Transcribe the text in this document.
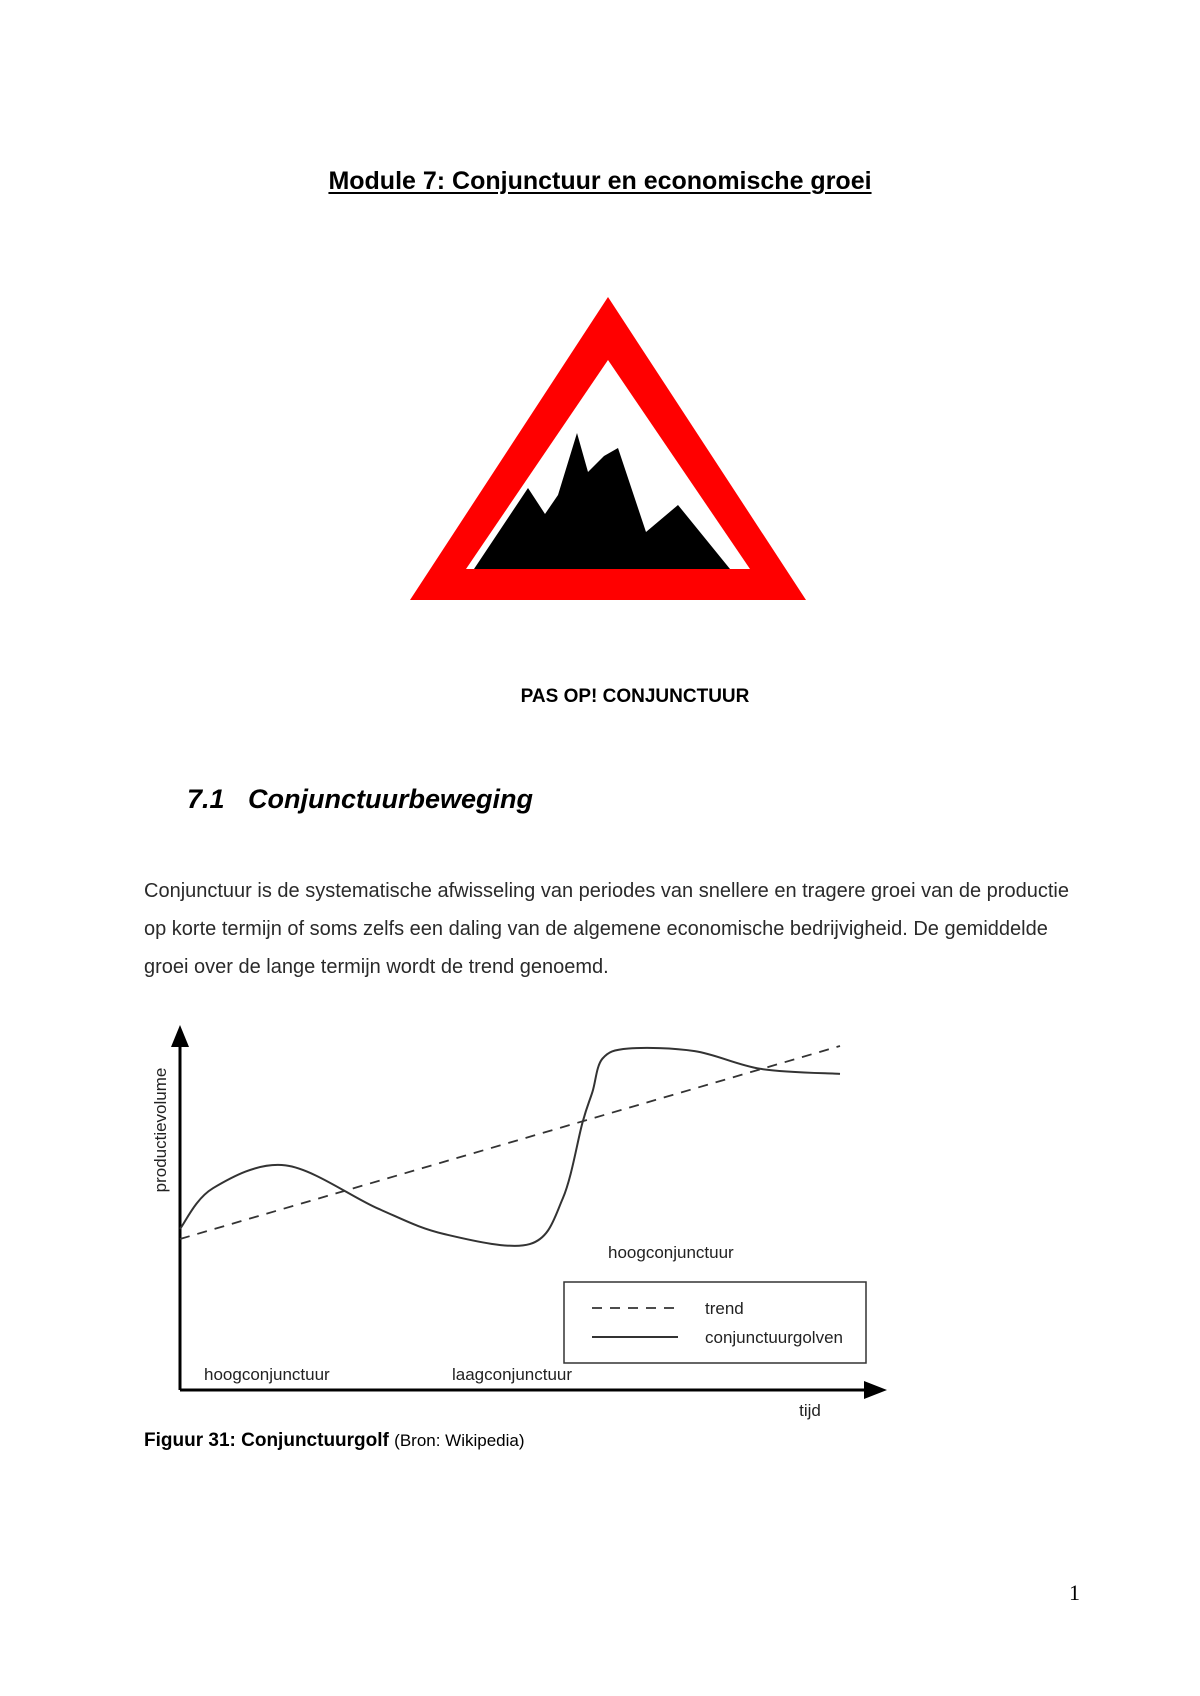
Module 7: Conjunctuur en economische groei
PAS OP! CONJUNCTUUR
7.1 Conjunctuurbeweging

Conjunctuur is de systematische afwisseling van periodes van snellere en tragere groei van de productie op korte termijn of soms zelfs een daling van de algemene economische bedrijvigheid. De gemiddelde groei over de lange termijn wordt de trend genoemd.

productievolume
tijd
hoogconjunctuur	laagconjunctuur
hoogconjunctuur
trend
conjunctuurgolven
Figuur 31: Conjunctuurgolf (Bron: Wikipedia)
1
